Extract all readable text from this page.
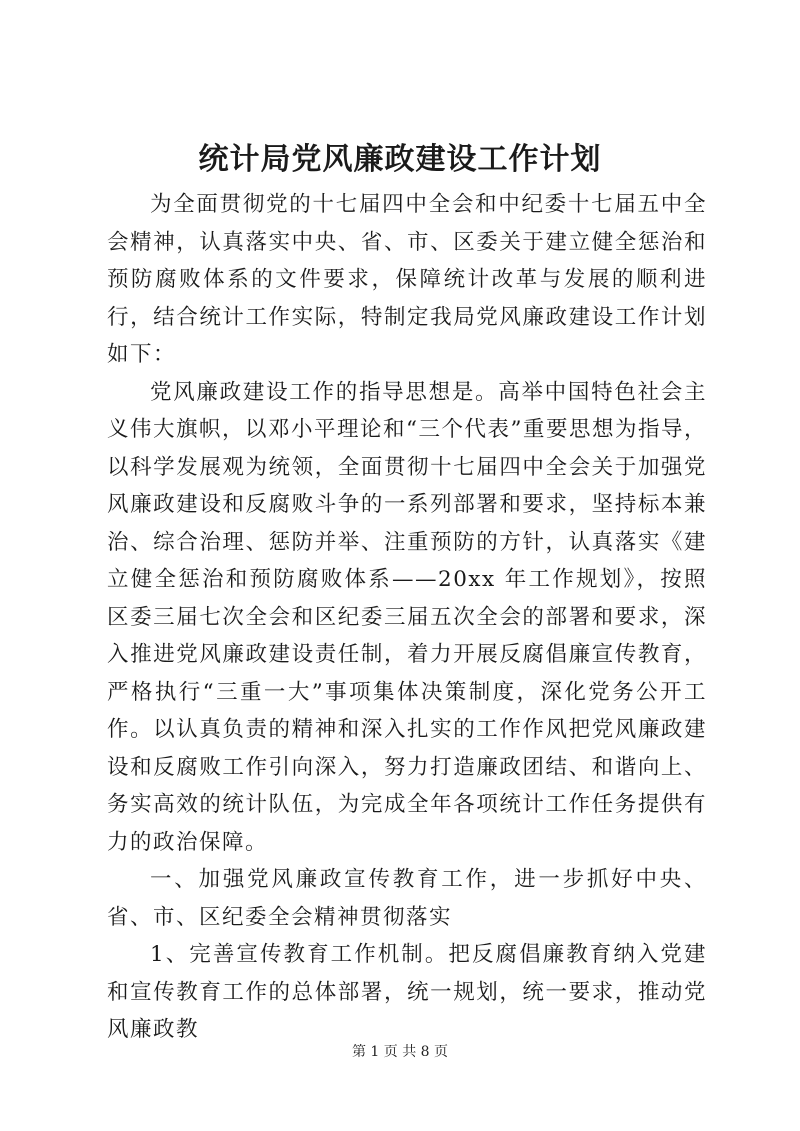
统计局党风廉政建设工作计划

为全面贯彻党的十七届四中全会和中纪委十七届五中全会精神，认真落实中央、省、市、区委关于建立健全惩治和预防腐败体系的文件要求，保障统计改革与发展的顺利进行，结合统计工作实际，特制定我局党风廉政建设工作计划如下：

党风廉政建设工作的指导思想是。高举中国特色社会主义伟大旗帜，以邓小平理论和“三个代表”重要思想为指导，以科学发展观为统领，全面贯彻十七届四中全会关于加强党风廉政建设和反腐败斗争的一系列部署和要求，坚持标本兼治、综合治理、惩防并举、注重预防的方针，认真落实《建立健全惩治和预防腐败体系——20xx 年工作规划》，按照区委三届七次全会和区纪委三届五次全会的部署和要求，深入推进党风廉政建设责任制，着力开展反腐倡廉宣传教育，严格执行“三重一大”事项集体决策制度，深化党务公开工作。以认真负责的精神和深入扎实的工作作风把党风廉政建设和反腐败工作引向深入，努力打造廉政团结、和谐向上、务实高效的统计队伍，为完成全年各项统计工作任务提供有力的政治保障。

一、加强党风廉政宣传教育工作，进一步抓好中央、省、市、区纪委全会精神贯彻落实

1、完善宣传教育工作机制。把反腐倡廉教育纳入党建和宣传教育工作的总体部署，统一规划，统一要求，推动党风廉政教

第 1 页 共 8 页
